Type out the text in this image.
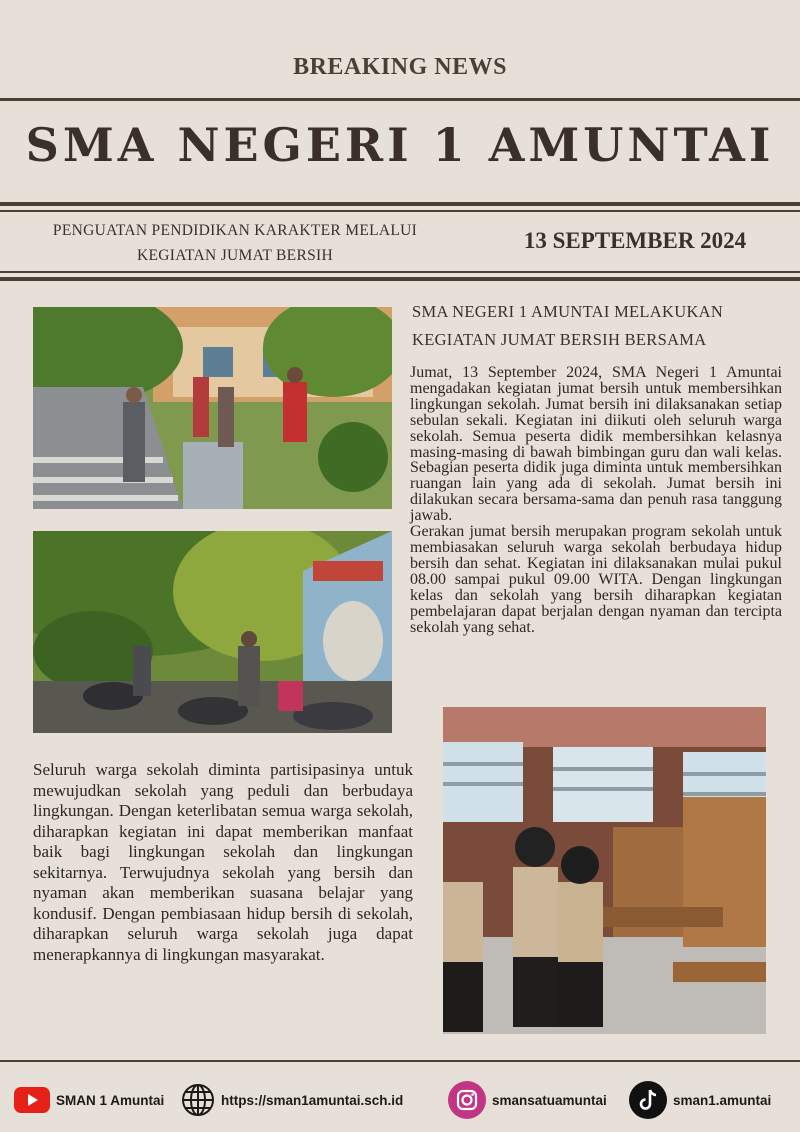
BREAKING NEWS
SMA NEGERI 1 AMUNTAI
PENGUATAN PENDIDIKAN KARAKTER MELALUI
KEGIATAN JUMAT BERSIH
13 SEPTEMBER 2024
SMA NEGERI 1 AMUNTAI MELAKUKAN
KEGIATAN JUMAT BERSIH BERSAMA
Jumat, 13 September 2024, SMA Negeri 1 Amuntai mengadakan kegiatan jumat bersih untuk membersihkan lingkungan sekolah. Jumat bersih ini dilaksanakan setiap sebulan sekali. Kegiatan ini diikuti oleh seluruh warga sekolah. Semua peserta didik membersihkan kelasnya masing-masing di bawah bimbingan guru dan wali kelas. Sebagian peserta didik juga diminta untuk membersihkan ruangan lain yang ada di sekolah. Jumat bersih ini dilakukan secara bersama-sama dan penuh rasa tanggung jawab.
Gerakan jumat bersih merupakan program sekolah untuk membiasakan seluruh warga sekolah berbudaya hidup bersih dan sehat. Kegiatan ini dilaksanakan mulai pukul 08.00 sampai pukul 09.00 WITA. Dengan lingkungan kelas dan sekolah yang bersih diharapkan kegiatan pembelajaran dapat berjalan dengan nyaman dan tercipta sekolah yang sehat.
Seluruh warga sekolah diminta partisipasinya untuk mewujudkan sekolah yang peduli dan berbudaya lingkungan. Dengan keterlibatan semua warga sekolah, diharapkan kegiatan ini dapat memberikan manfaat baik bagi lingkungan sekolah dan lingkungan sekitarnya. Terwujudnya sekolah yang bersih dan nyaman akan memberikan suasana belajar yang kondusif. Dengan pembiasaan hidup bersih di sekolah, diharapkan seluruh warga sekolah juga dapat menerapkannya di lingkungan masyarakat.
SMAN 1 Amuntai	https://sman1amuntai.sch.id	smansatuamuntai	sman1.amuntai
